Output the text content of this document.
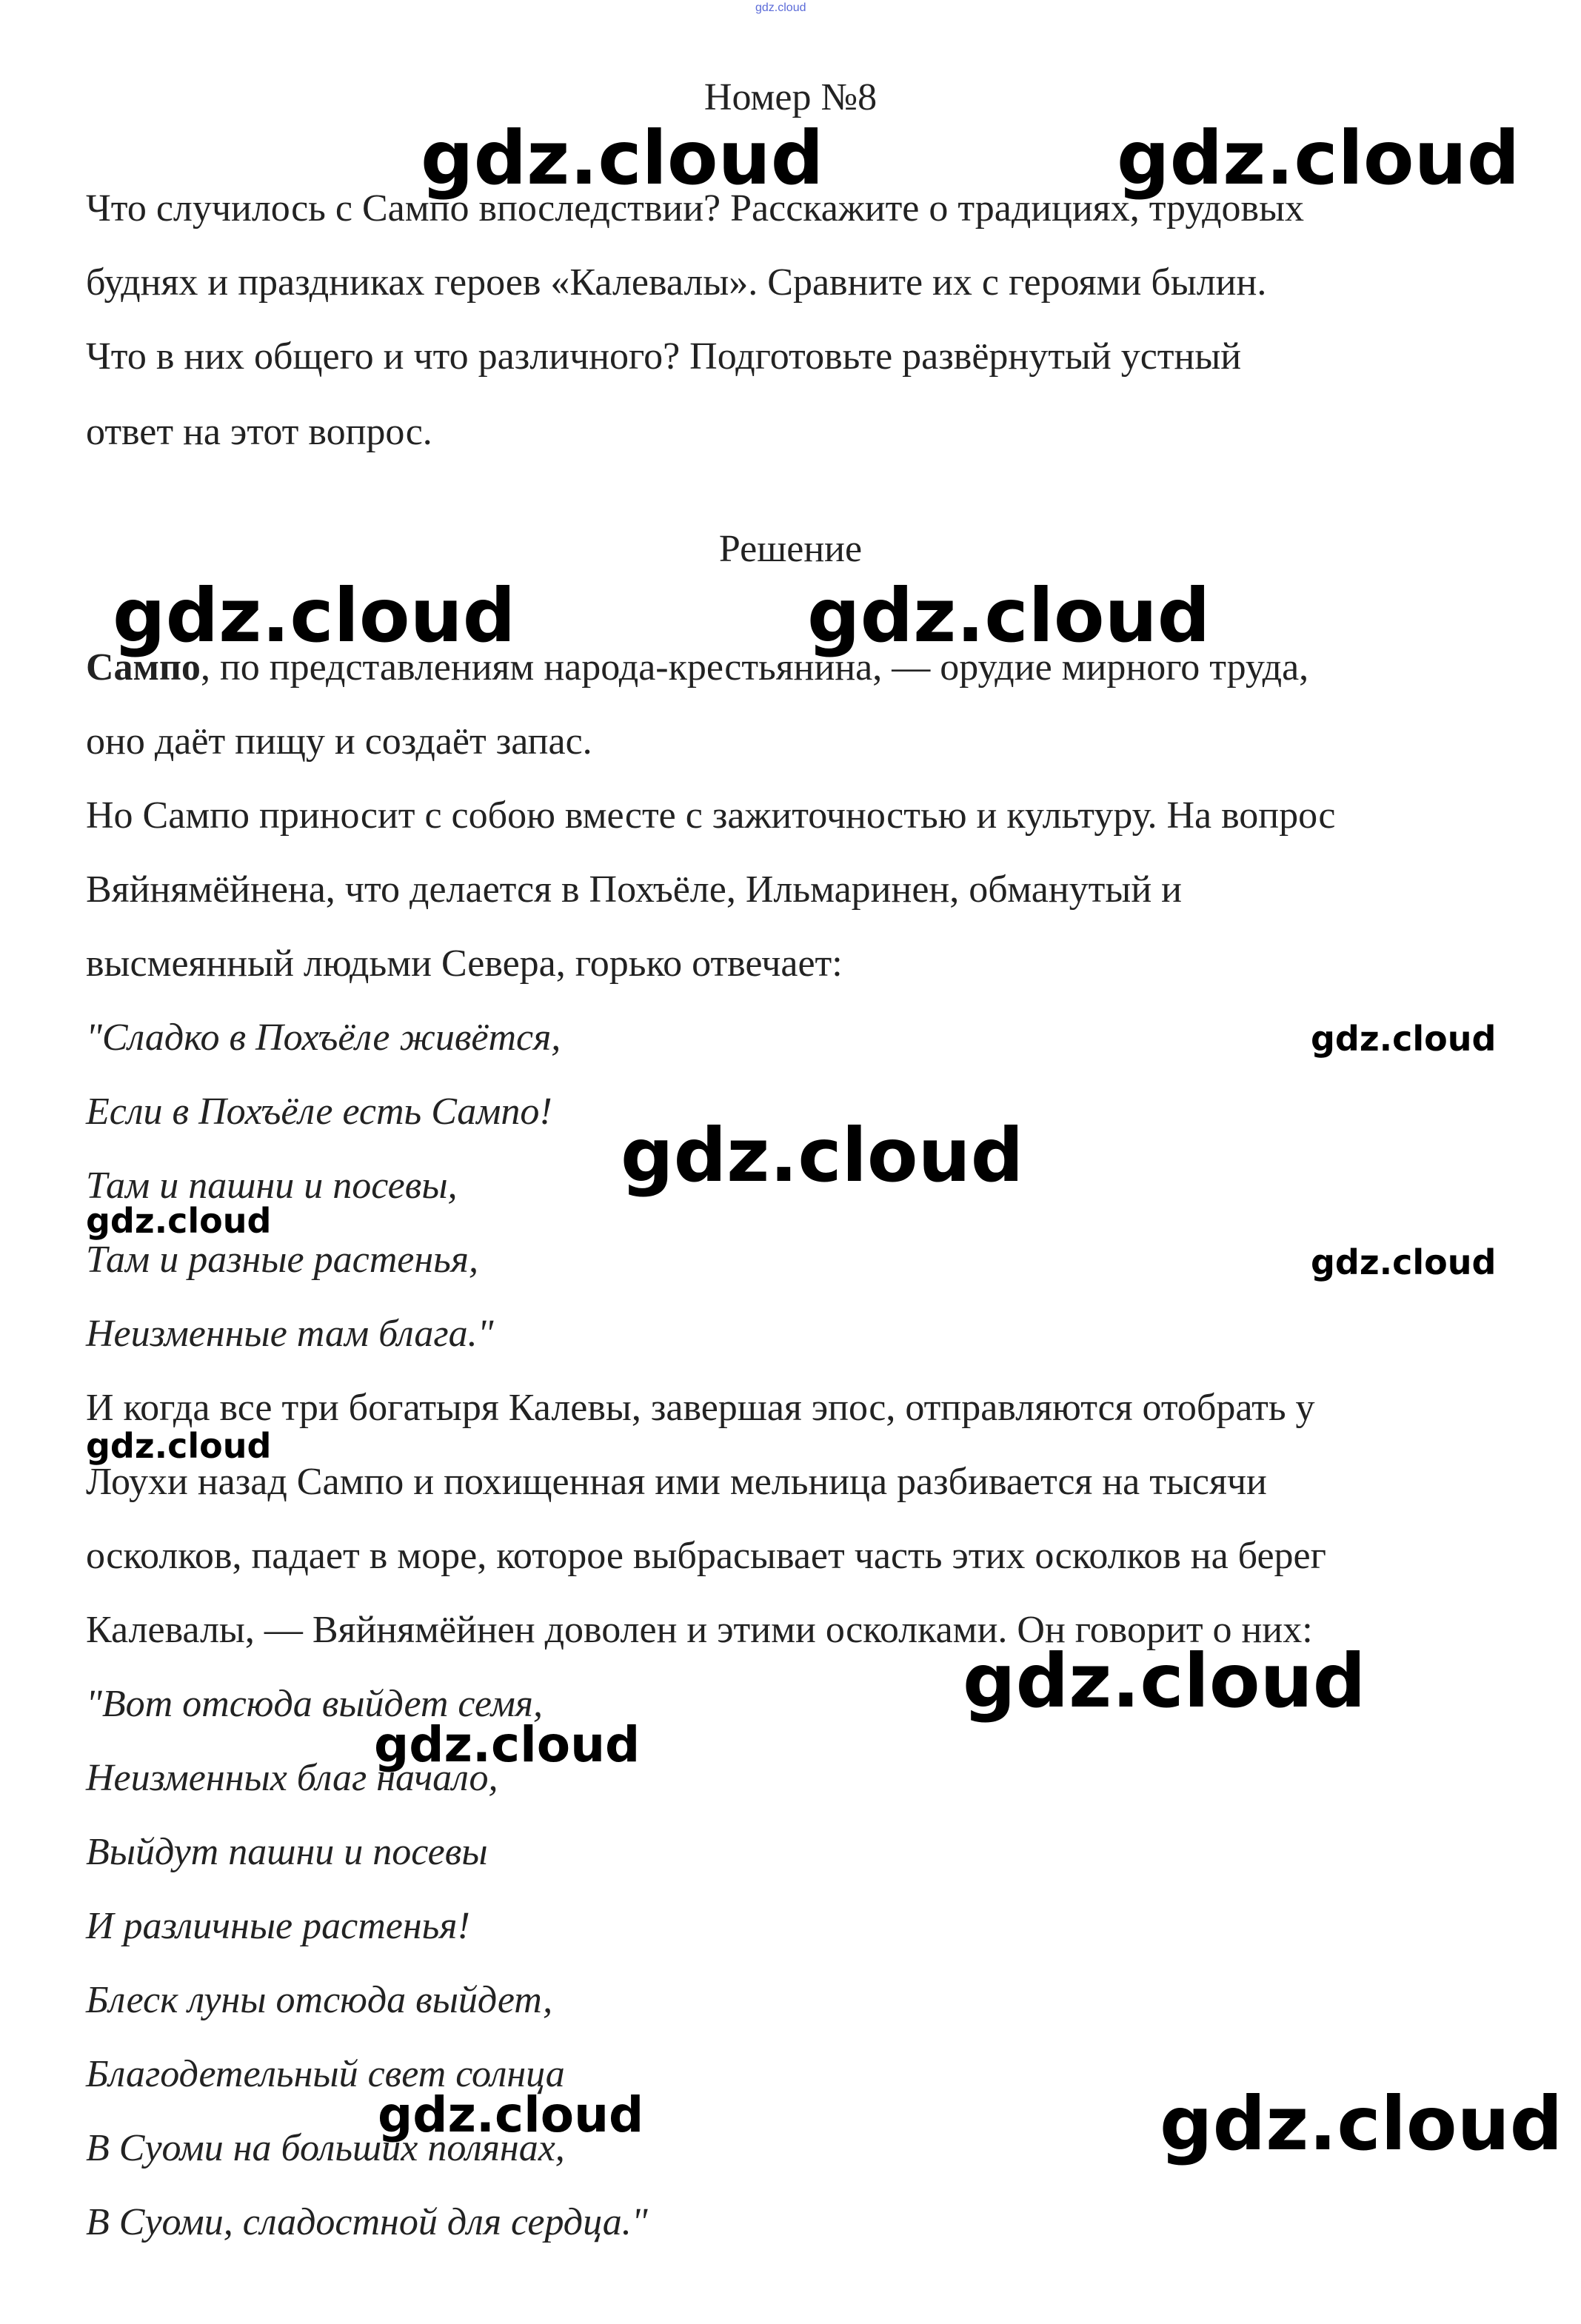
gdz.cloud
Номер №8
Что случилось с Сампо впоследствии? Расскажите о традициях, трудовых
буднях и праздниках героев «Калевалы». Сравните их с героями былин.
Что в них общего и что различного? Подготовьте развёрнутый устный
ответ на этот вопрос.
Решение
Сампо, по представлениям народа-крестьянина, — орудие мирного труда,
оно даёт пищу и создаёт запас.
Но Сампо приносит с собою вместе с зажиточностью и культуру. На вопрос
Вяйнямёйнена, что делается в Похъёле, Ильмаринен, обманутый и
высмеянный людьми Севера, горько отвечает:
"Сладко в Похъёле живётся,
Если в Похъёле есть Сампо!
Там и пашни и посевы,
Там и разные растенья,
Неизменные там блага."
И когда все три богатыря Калевы, завершая эпос, отправляются отобрать у
Лоухи назад Сампо и похищенная ими мельница разбивается на тысячи
осколков, падает в море, которое выбрасывает часть этих осколков на берег
Калевалы, — Вяйнямёйнен доволен и этими осколками. Он говорит о них:
"Вот отсюда выйдет семя,
Неизменных благ начало,
Выйдут пашни и посевы
И различные растенья!
Блеск луны отсюда выйдет,
Благодетельный свет солнца
В Суоми на больших полянах,
В Суоми, сладостной для сердца."
gdz.cloud	gdz.cloud
gdz.cloud	gdz.cloud
gdz.cloud
gdz.cloud
gdz.cloud
gdz.cloud
gdz.cloud
gdz.cloud
gdz.cloud
gdz.cloud	gdz.cloud
